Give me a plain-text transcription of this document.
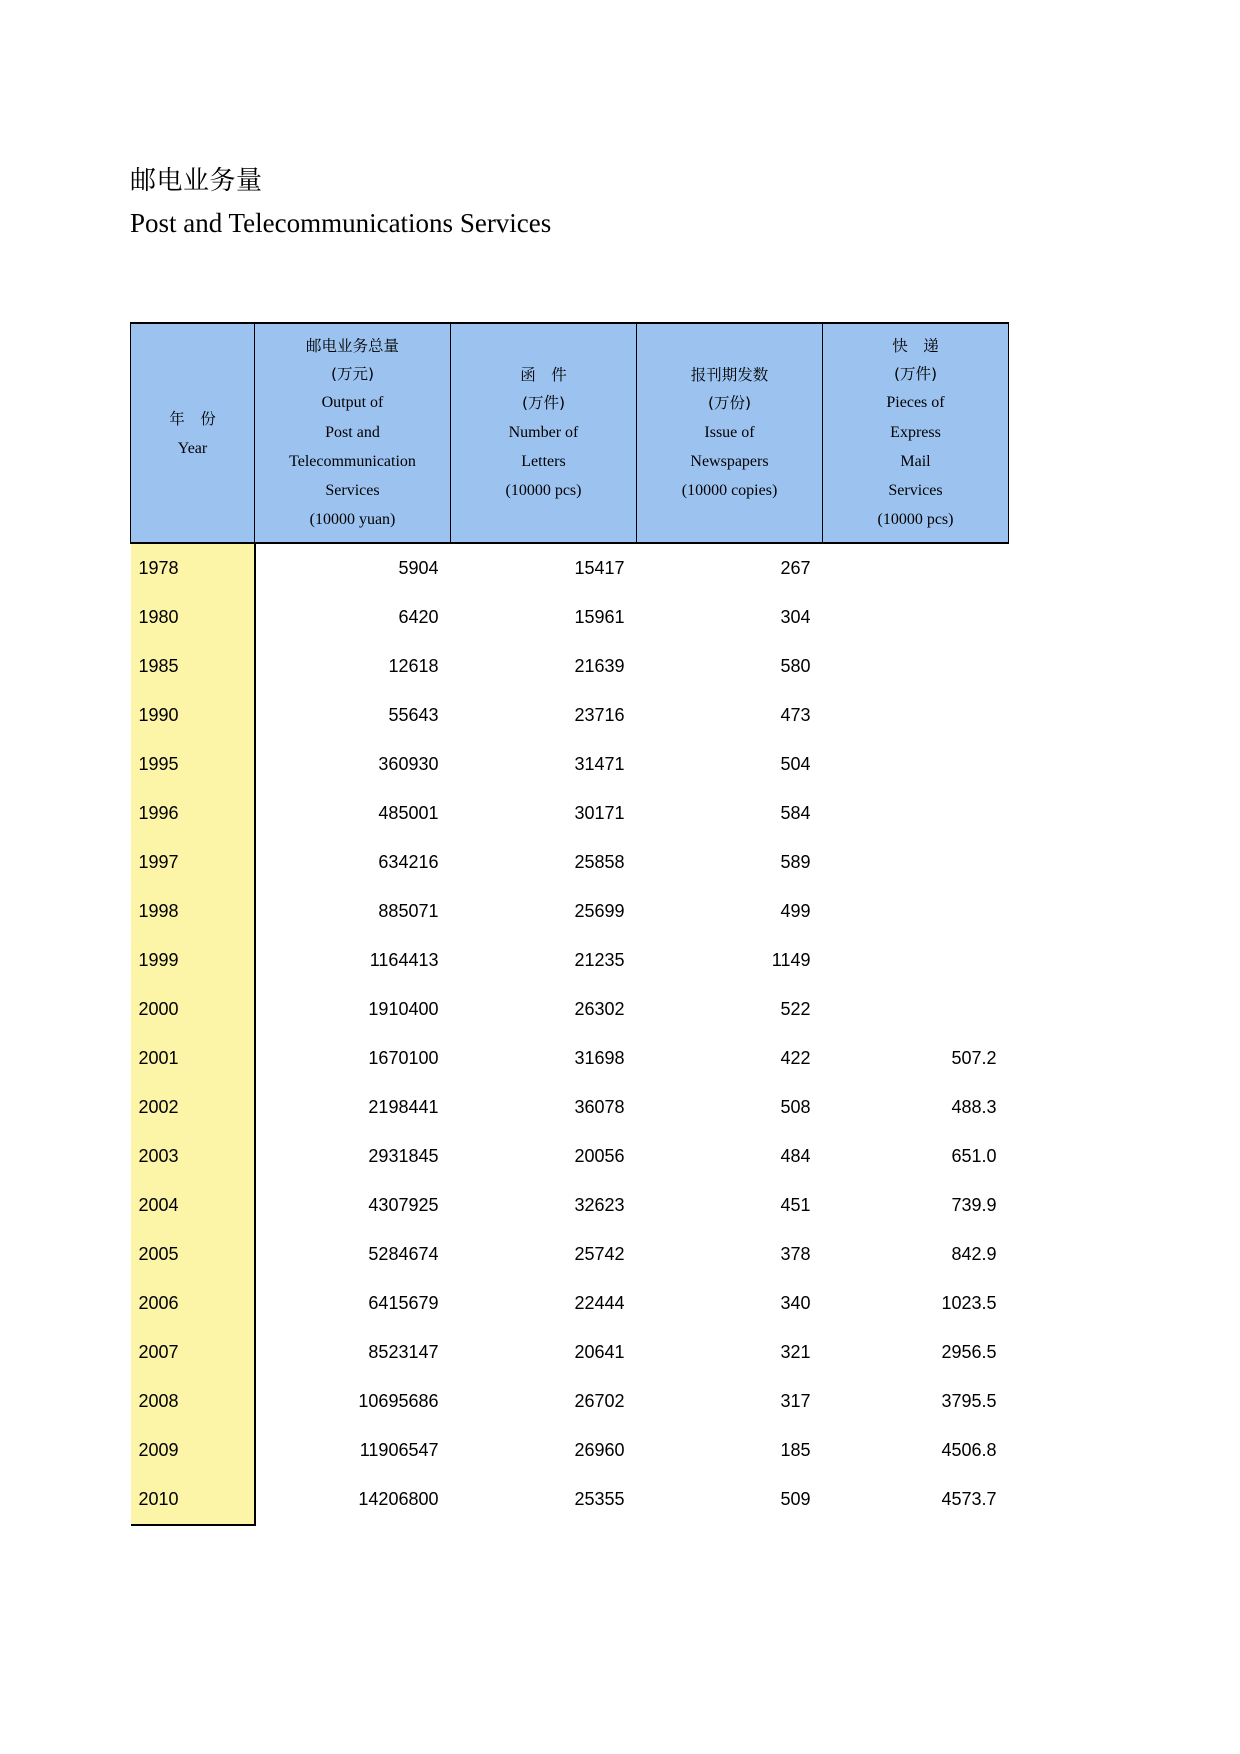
邮电业务量
Post and Telecommunications Services
年　份
Year

邮电业务总量
(万元)
Output of
Post and
Telecommunication
Services
(10000 yuan)

函　件
(万件)
Number of
Letters
(10000 pcs)

报刊期发数
(万份)
Issue of
Newspapers
(10000 copies)

快　递
(万件)
Pieces of
Express
Mail
Services
(10000 pcs)

1978	5904	15417	267	
1980	6420	15961	304	
1985	12618	21639	580	
1990	55643	23716	473	
1995	360930	31471	504	
1996	485001	30171	584	
1997	634216	25858	589	
1998	885071	25699	499	
1999	1164413	21235	1149	
2000	1910400	26302	522	
2001	1670100	31698	422	507.2
2002	2198441	36078	508	488.3
2003	2931845	20056	484	651.0
2004	4307925	32623	451	739.9
2005	5284674	25742	378	842.9
2006	6415679	22444	340	1023.5
2007	8523147	20641	321	2956.5
2008	10695686	26702	317	3795.5
2009	11906547	26960	185	4506.8
2010	14206800	25355	509	4573.7
